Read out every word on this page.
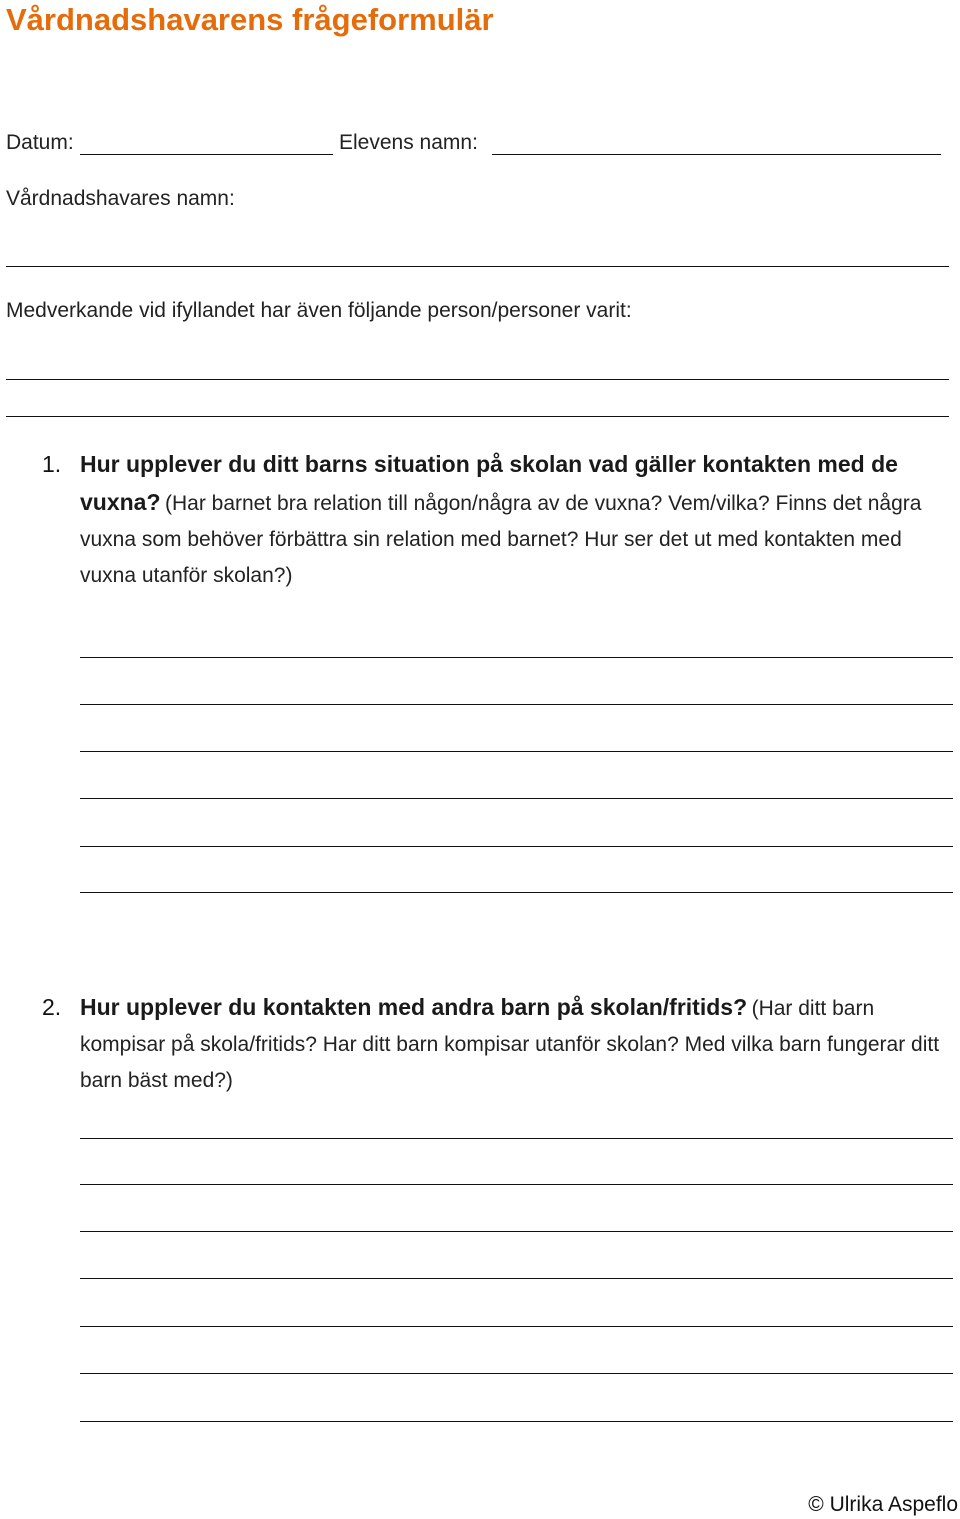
Vårdnadshavarens frågeformulär
Datum:	Elevens namn:
Vårdnadshavares namn:
Medverkande vid ifyllandet har även följande person/personer varit:
1. Hur upplever du ditt barns situation på skolan vad gäller kontakten med de vuxna? (Har barnet bra relation till någon/några av de vuxna? Vem/vilka? Finns det några vuxna som behöver förbättra sin relation med barnet? Hur ser det ut med kontakten med vuxna utanför skolan?)
2. Hur upplever du kontakten med andra barn på skolan/fritids? (Har ditt barn kompisar på skola/fritids? Har ditt barn kompisar utanför skolan? Med vilka barn fungerar ditt barn bäst med?)
© Ulrika Aspeflo
